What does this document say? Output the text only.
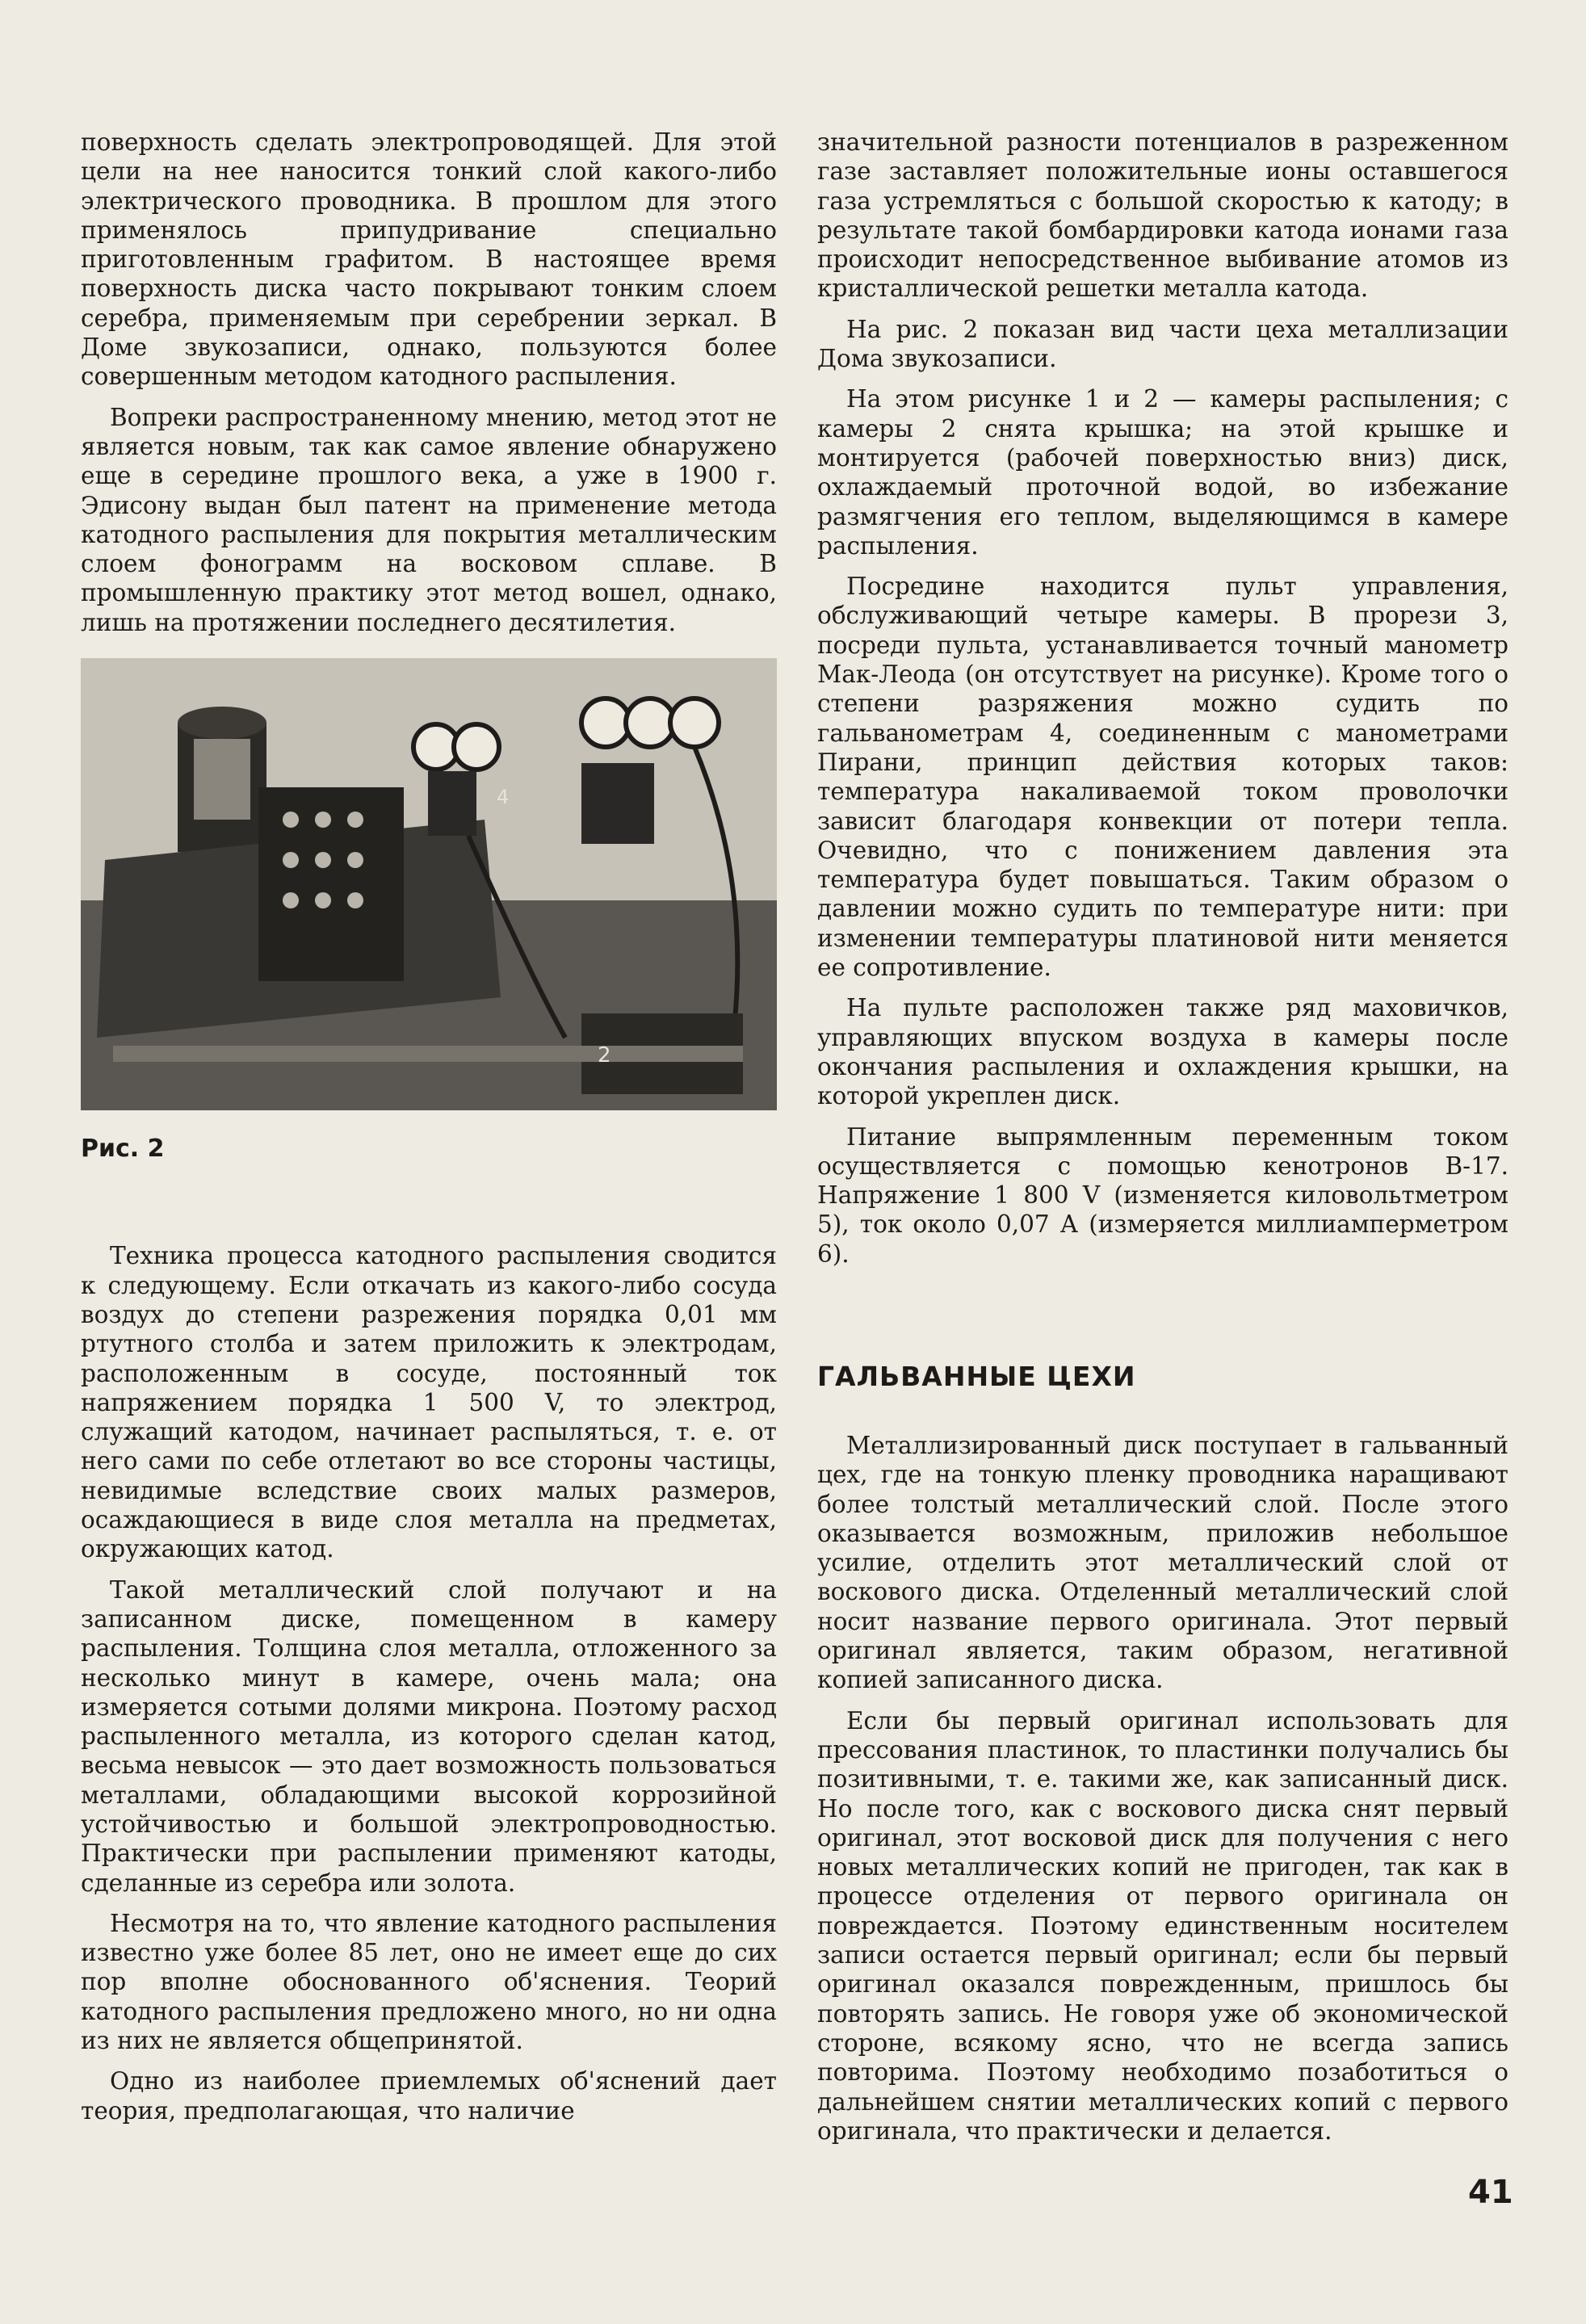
поверхность сделать электропроводящей. Для этой цели на нее наносится тонкий слой какого-либо электрического проводника. В прошлом для этого применялось припудривание специально приготовленным графитом. В настоящее время поверхность диска часто покрывают тонким слоем серебра, применяемым при серебрении зеркал. В Доме звукозаписи, однако, пользуются более совершенным методом катодного распыления.

Вопреки распространенному мнению, метод этот не является новым, так как самое явление обнаружено еще в середине прошлого века, а уже в 1900 г. Эдисону выдан был патент на применение метода катодного распыления для покрытия металлическим слоем фонограмм на восковом сплаве. В промышленную практику этот метод вошел, однако, лишь на протяжении последнего десятилетия.

2
4

Рис. 2

Техника процесса катодного распыления сводится к следующему. Если откачать из какого-либо сосуда воздух до степени разрежения порядка 0,01 мм ртутного столба и затем приложить к электродам, расположенным в сосуде, постоянный ток напряжением порядка 1 500 V, то электрод, служащий катодом, начинает распыляться, т. е. от него сами по себе отлетают во все стороны частицы, невидимые вследствие своих малых размеров, осаждающиеся в виде слоя металла на предметах, окружающих катод.

Такой металлический слой получают и на записанном диске, помещенном в камеру распыления. Толщина слоя металла, отложенного за несколько минут в камере, очень мала; она измеряется сотыми долями микрона. Поэтому расход распыленного металла, из которого сделан катод, весьма невысок — это дает возможность пользоваться металлами, обладающими высокой коррозийной устойчивостью и большой электропроводностью. Практически при распылении применяют катоды, сделанные из серебра или золота.

Несмотря на то, что явление катодного распыления известно уже более 85 лет, оно не имеет еще до сих пор вполне обоснованного об'яснения. Теорий катодного распыления предложено много, но ни одна из них не является общепринятой.

Одно из наиболее приемлемых об'яснений дает теория, предполагающая, что наличие

значительной разности потенциалов в разреженном газе заставляет положительные ионы оставшегося газа устремляться с большой скоростью к катоду; в результате такой бомбардировки катода ионами газа происходит непосредственное выбивание атомов из кристаллической решетки металла катода.

На рис. 2 показан вид части цеха металлизации Дома звукозаписи.

На этом рисунке 1 и 2 — камеры распыления; с камеры 2 снята крышка; на этой крышке и монтируется (рабочей поверхностью вниз) диск, охлаждаемый проточной водой, во избежание размягчения его теплом, выделяющимся в камере распыления.

Посредине находится пульт управления, обслуживающий четыре камеры. В прорези 3, посреди пульта, устанавливается точный манометр Мак-Леода (он отсутствует на рисунке). Кроме того о степени разряжения можно судить по гальванометрам 4, соединенным с манометрами Пирани, принцип действия которых таков: температура накаливаемой током проволочки зависит благодаря конвекции от потери тепла. Очевидно, что с понижением давления эта температура будет повышаться. Таким образом о давлении можно судить по температуре нити: при изменении температуры платиновой нити меняется ее сопротивление.

На пульте расположен также ряд маховичков, управляющих впуском воздуха в камеры после окончания распыления и охлаждения крышки, на которой укреплен диск.

Питание выпрямленным переменным током осуществляется с помощью кенотронов В-17. Напряжение 1 800 V (изменяется киловольтметром 5), ток около 0,07 А (измеряется миллиамперметром 6).

ГАЛЬВАННЫЕ ЦЕХИ

Металлизированный диск поступает в гальванный цех, где на тонкую пленку проводника наращивают более толстый металлический слой. После этого оказывается возможным, приложив небольшое усилие, отделить этот металлический слой от воскового диска. Отделенный металлический слой носит название первого оригинала. Этот первый оригинал является, таким образом, негативной копией записанного диска.

Если бы первый оригинал использовать для прессования пластинок, то пластинки получались бы позитивными, т. е. такими же, как записанный диск. Но после того, как с воскового диска снят первый оригинал, этот восковой диск для получения с него новых металлических копий не пригоден, так как в процессе отделения от первого оригинала он повреждается. Поэтому единственным носителем записи остается первый оригинал; если бы первый оригинал оказался поврежденным, пришлось бы повторять запись. Не говоря уже об экономической стороне, всякому ясно, что не всегда запись повторима. Поэтому необходимо позаботиться о дальнейшем снятии металлических копий с первого оригинала, что практически и делается.

41
